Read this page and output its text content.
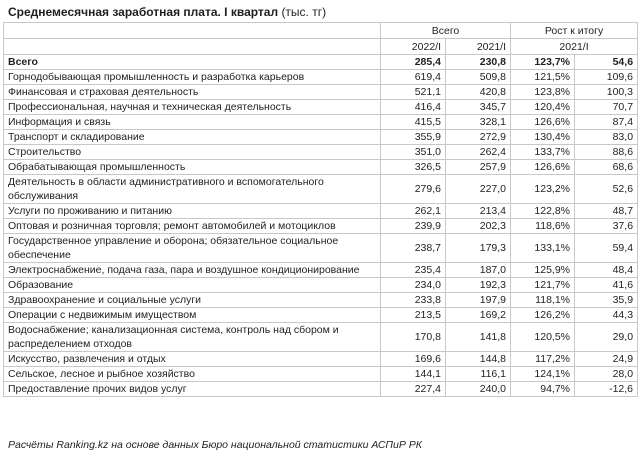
Среднемесячная заработная плата. I квартал (тыс. тг)
	Всего		Рост к итогу	
	2022/I	2021/I	2021/I	
Всего	285,4	230,8	123,7%	54,6
Горнодобывающая промышленность и разработка карьеров	619,4	509,8	121,5%	109,6
Финансовая и страховая деятельность	521,1	420,8	123,8%	100,3
Профессиональная, научная и техническая деятельность	416,4	345,7	120,4%	70,7
Информация и связь	415,5	328,1	126,6%	87,4
Транспорт и складирование	355,9	272,9	130,4%	83,0
Строительство	351,0	262,4	133,7%	88,6
Обрабатывающая промышленность	326,5	257,9	126,6%	68,6
Деятельность в области административного и вспомогательного обслуживания	279,6	227,0	123,2%	52,6
Услуги по проживанию и питанию	262,1	213,4	122,8%	48,7
Оптовая и розничная торговля; ремонт автомобилей и мотоциклов	239,9	202,3	118,6%	37,6
Государственное управление и оборона; обязательное социальное обеспечение	238,7	179,3	133,1%	59,4
Электроснабжение, подача газа, пара и воздушное кондиционирование	235,4	187,0	125,9%	48,4
Образование	234,0	192,3	121,7%	41,6
Здравоохранение и социальные услуги	233,8	197,9	118,1%	35,9
Операции с недвижимым имуществом	213,5	169,2	126,2%	44,3
Водоснабжение; канализационная система, контроль над сбором и распределением отходов	170,8	141,8	120,5%	29,0
Искусство, развлечения и отдых	169,6	144,8	117,2%	24,9
Сельское, лесное и рыбное хозяйство	144,1	116,1	124,1%	28,0
Предоставление прочих видов услуг	227,4	240,0	94,7%	-12,6
Расчёты Ranking.kz на основе данных Бюро национальной статистики АСПиР РК
